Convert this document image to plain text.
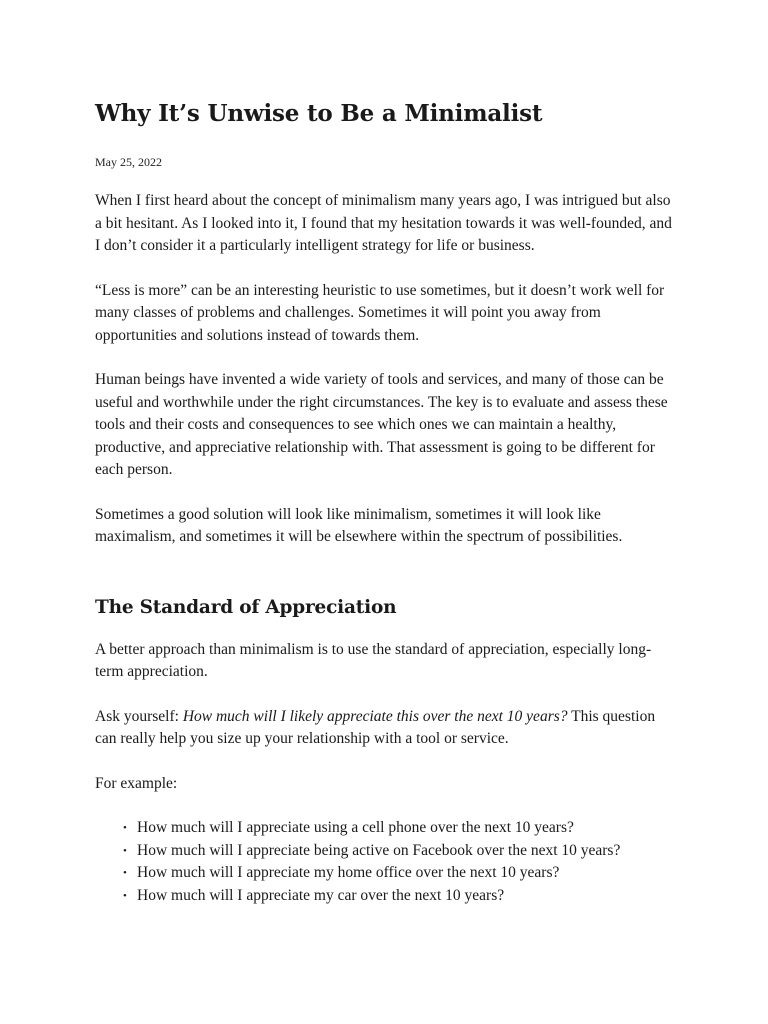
Why It’s Unwise to Be a Minimalist

May 25, 2022

When I first heard about the concept of minimalism many years ago, I was intrigued but also a bit hesitant. As I looked into it, I found that my hesitation towards it was well-founded, and I don’t consider it a particularly intelligent strategy for life or business.

“Less is more” can be an interesting heuristic to use sometimes, but it doesn’t work well for many classes of problems and challenges. Sometimes it will point you away from opportunities and solutions instead of towards them.

Human beings have invented a wide variety of tools and services, and many of those can be useful and worthwhile under the right circumstances. The key is to evaluate and assess these tools and their costs and consequences to see which ones we can maintain a healthy, productive, and appreciative relationship with. That assessment is going to be different for each person.

Sometimes a good solution will look like minimalism, sometimes it will look like maximalism, and sometimes it will be elsewhere within the spectrum of possibilities.

The Standard of Appreciation

A better approach than minimalism is to use the standard of appreciation, especially long-term appreciation.

Ask yourself: How much will I likely appreciate this over the next 10 years? This question can really help you size up your relationship with a tool or service.

For example:

• How much will I appreciate using a cell phone over the next 10 years?
• How much will I appreciate being active on Facebook over the next 10 years?
• How much will I appreciate my home office over the next 10 years?
• How much will I appreciate my car over the next 10 years?
